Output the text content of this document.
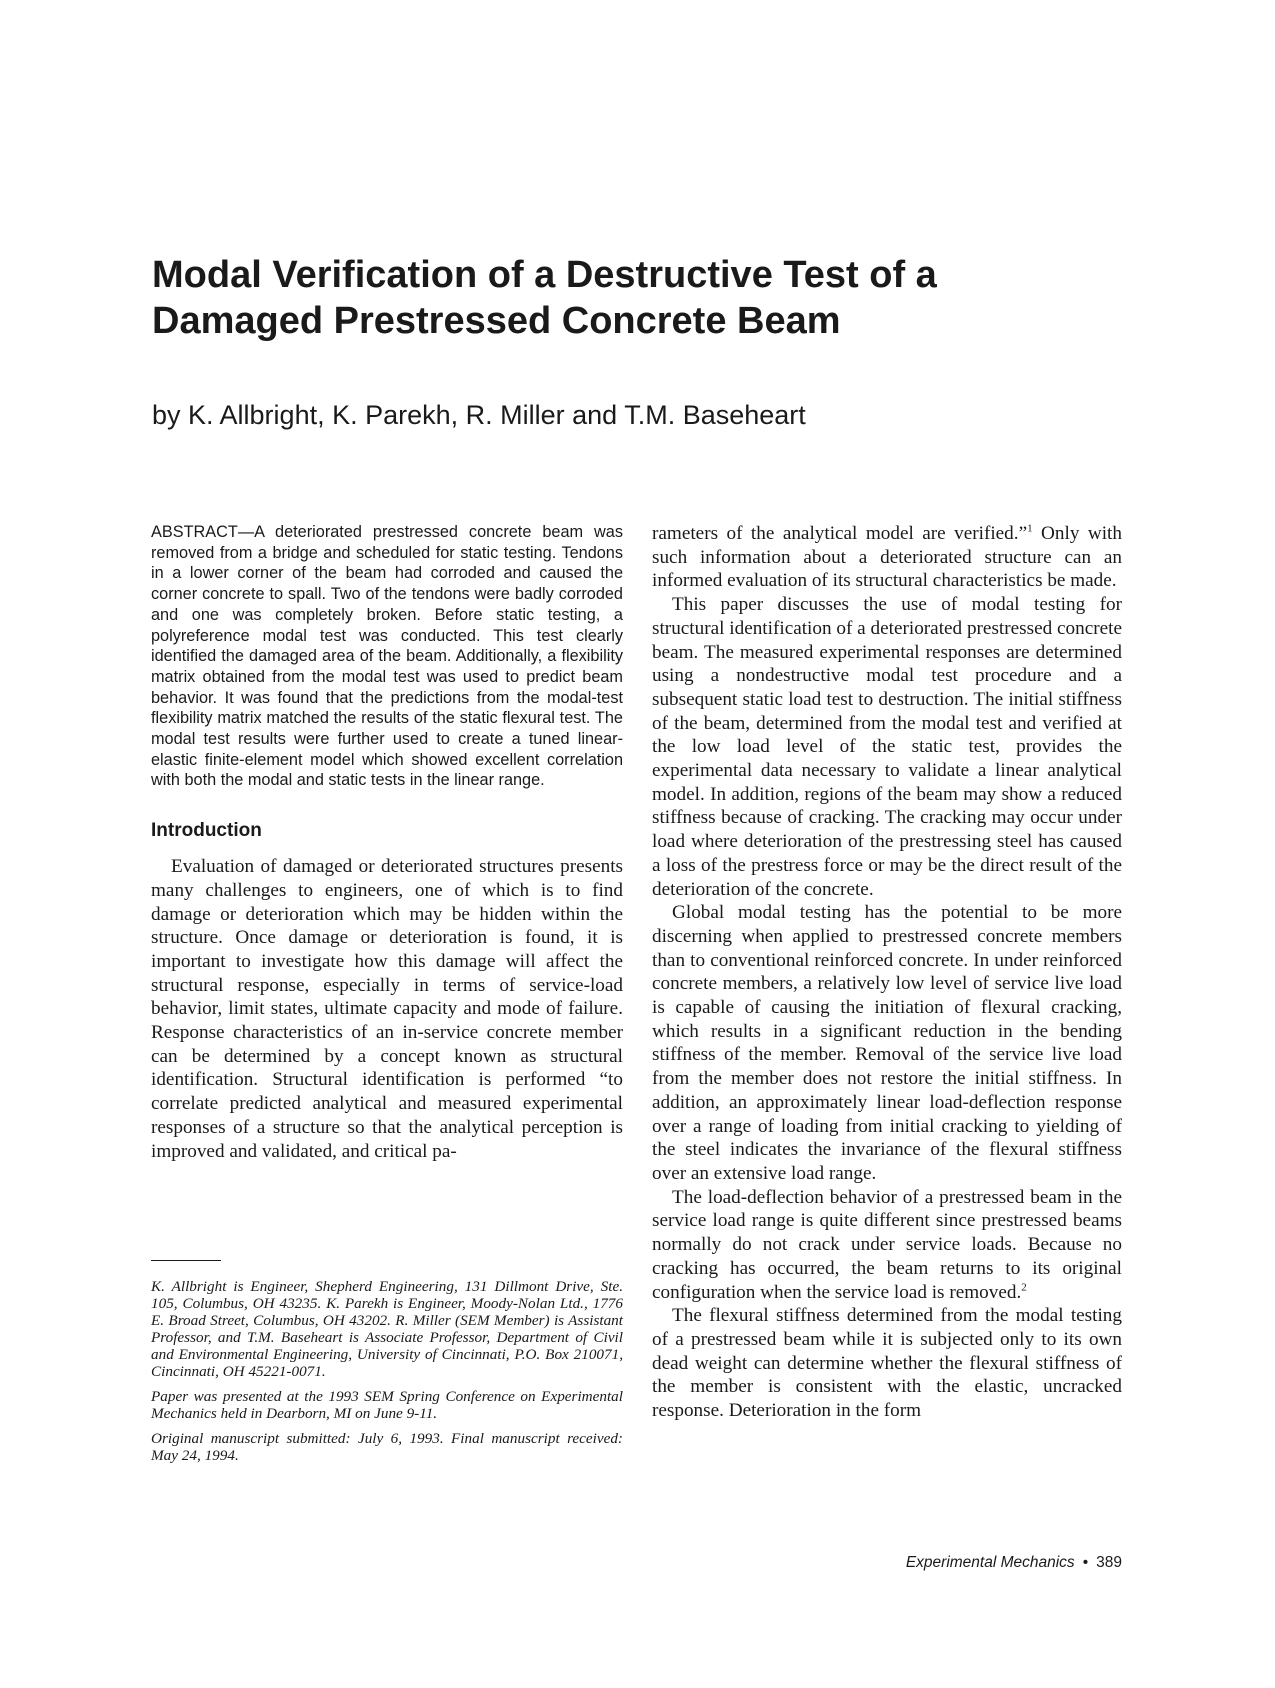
Modal Verification of a Destructive Test of a
Damaged Prestressed Concrete Beam

by K. Allbright, K. Parekh, R. Miller and T.M. Baseheart

ABSTRACT—A deteriorated prestressed concrete beam was removed from a bridge and scheduled for static testing. Tendons in a lower corner of the beam had corroded and caused the corner concrete to spall. Two of the tendons were badly corroded and one was completely broken. Before static testing, a polyreference modal test was conducted. This test clearly identified the damaged area of the beam. Additionally, a flexibility matrix obtained from the modal test was used to predict beam behavior. It was found that the predictions from the modal-test flexibility matrix matched the results of the static flexural test. The modal test results were further used to create a tuned linear-elastic finite-element model which showed excellent correlation with both the modal and static tests in the linear range.

Introduction

Evaluation of damaged or deteriorated structures presents many challenges to engineers, one of which is to find damage or deterioration which may be hidden within the structure. Once damage or deterioration is found, it is important to investigate how this damage will affect the structural response, especially in terms of service-load behavior, limit states, ultimate capacity and mode of failure. Response characteristics of an in-service concrete member can be determined by a concept known as structural identification. Structural identification is performed “to correlate predicted analytical and measured experimental responses of a structure so that the analytical perception is improved and validated, and critical pa-

rameters of the analytical model are verified.”$^1$ Only with such information about a deteriorated structure can an informed evaluation of its structural characteristics be made.

This paper discusses the use of modal testing for structural identification of a deteriorated prestressed concrete beam. The measured experimental responses are determined using a nondestructive modal test procedure and a subsequent static load test to destruction. The initial stiffness of the beam, determined from the modal test and verified at the low load level of the static test, provides the experimental data necessary to validate a linear analytical model. In addition, regions of the beam may show a reduced stiffness because of cracking. The cracking may occur under load where deterioration of the prestressing steel has caused a loss of the prestress force or may be the direct result of the deterioration of the concrete.

Global modal testing has the potential to be more discerning when applied to prestressed concrete members than to conventional reinforced concrete. In under reinforced concrete members, a relatively low level of service live load is capable of causing the initiation of flexural cracking, which results in a significant reduction in the bending stiffness of the member. Removal of the service live load from the member does not restore the initial stiffness. In addition, an approximately linear load-deflection response over a range of loading from initial cracking to yielding of the steel indicates the invariance of the flexural stiffness over an extensive load range.

The load-deflection behavior of a prestressed beam in the service load range is quite different since prestressed beams normally do not crack under service loads. Because no cracking has occurred, the beam returns to its original configuration when the service load is removed.$^2$

The flexural stiffness determined from the modal testing of a prestressed beam while it is subjected only to its own dead weight can determine whether the flexural stiffness of the member is consistent with the elastic, uncracked response. Deterioration in the form

K. Allbright is Engineer, Shepherd Engineering, 131 Dillmont Drive, Ste. 105, Columbus, OH 43235. K. Parekh is Engineer, Moody-Nolan Ltd., 1776 E. Broad Street, Columbus, OH 43202. R. Miller (SEM Member) is Assistant Professor, and T.M. Baseheart is Associate Professor, Department of Civil and Environmental Engineering, University of Cincinnati, P.O. Box 210071, Cincinnati, OH 45221-0071.

Paper was presented at the 1993 SEM Spring Conference on Experimental Mechanics held in Dearborn, MI on June 9-11.

Original manuscript submitted: July 6, 1993. Final manuscript received: May 24, 1994.

Experimental Mechanics • 389
